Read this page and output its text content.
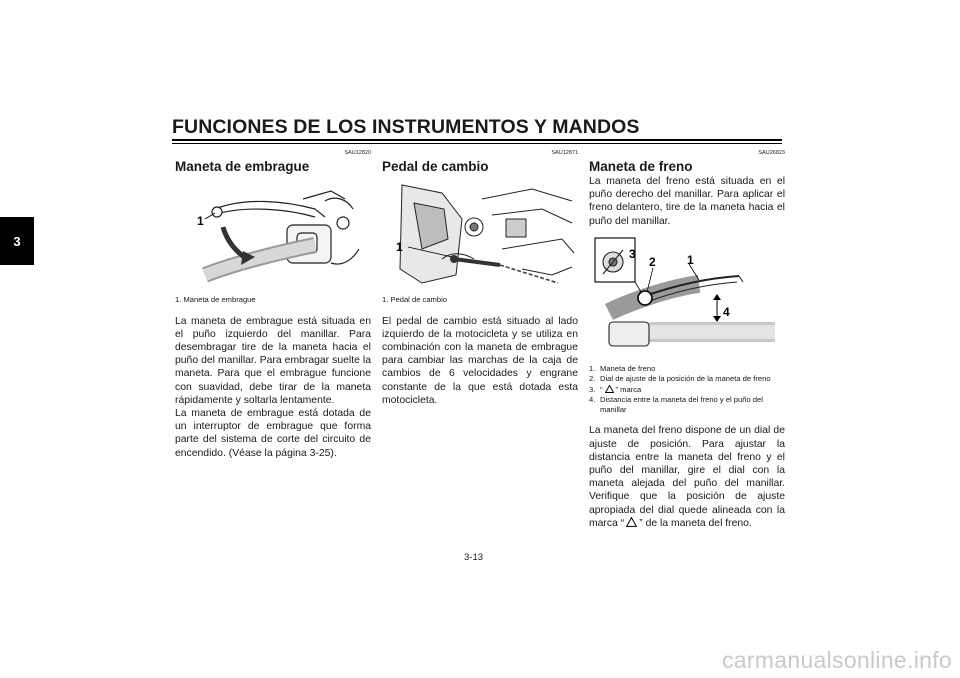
FUNCIONES DE LOS INSTRUMENTOS Y MANDOS
3

SAU12820

Maneta de embrague
1

1. Maneta de embrague

La maneta de embrague está situada en el puño izquierdo del manillar. Para desembragar tire de la maneta hacia el puño del manillar. Para embragar suelte la maneta. Para que el embrague funcione con suavidad, debe tirar de la maneta rápidamente y soltarla lentamente.

La maneta de embrague está dotada de un interruptor de embrague que forma parte del sistema de corte del circuito de encendido. (Véase la página 3-25).

SAU12871

Pedal de cambio
1

1. Pedal de cambio

El pedal de cambio está situado al lado izquierdo de la motocicleta y se utiliza en combinación con la maneta de embrague para cambiar las marchas de la caja de cambios de 6 velocidades y engrane constante de la que está dotada esta motocicleta.

SAU26823

Maneta de freno

La maneta del freno está situada en el puño derecho del manillar. Para aplicar el freno delantero, tire de la maneta hacia el puño del manillar.

3
2	1
4
1. Maneta de freno
2. Dial de ajuste de la posición de la maneta de freno
3. “ ” marca
4. Distancia entre la maneta del freno y el puño del manillar

La maneta del freno dispone de un dial de ajuste de posición. Para ajustar la distancia entre la maneta del freno y el puño del manillar, gire el dial con la maneta alejada del puño del manillar. Verifique que la posición de ajuste apropiada del dial quede alineada con la marca “ ” de la maneta del freno.

3-13

carmanualsonline.info
